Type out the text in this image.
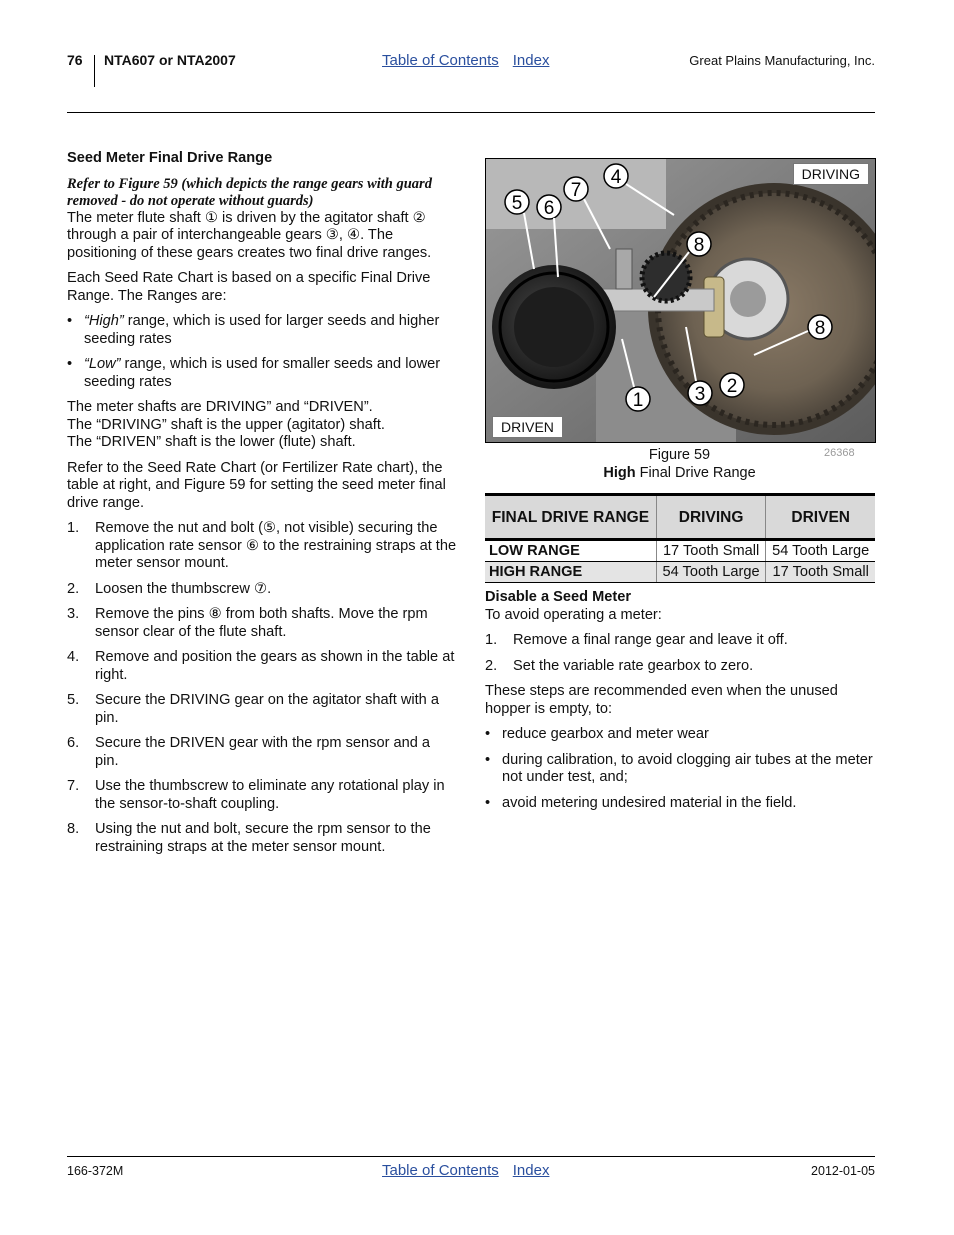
76 NTA607 or NTA2007	Table of Contents Index	Great Plains Manufacturing, Inc.
Seed Meter Final Drive Range
Refer to Figure 59 (which depicts the range gears with guard removed - do not operate without guards)
The meter flute shaft ① is driven by the agitator shaft ② through a pair of interchangeable gears ③, ④. The positioning of these gears creates two final drive ranges.
Each Seed Rate Chart is based on a specific Final Drive Range. The Ranges are:
• “High” range, which is used for larger seeds and higher seeding rates
• “Low” range, which is used for smaller seeds and lower seeding rates
The meter shafts are DRIVING” and “DRIVEN”.
The “DRIVING” shaft is the upper (agitator) shaft.
The “DRIVEN” shaft is the lower (flute) shaft.
Refer to the Seed Rate Chart (or Fertilizer Rate chart), the table at right, and Figure 59 for setting the seed meter final drive range.
1. Remove the nut and bolt (⑤, not visible) securing the application rate sensor ⑥ to the restraining straps at the meter sensor mount.
2. Loosen the thumbscrew ⑦.
3. Remove the pins ⑧ from both shafts. Move the rpm sensor clear of the flute shaft.
4. Remove and position the gears as shown in the table at right.
5. Secure the DRIVING gear on the agitator shaft with a pin.
6. Secure the DRIVEN gear with the rpm sensor and a pin.
7. Use the thumbscrew to eliminate any rotational play in the sensor-to-shaft coupling.
8. Using the nut and bolt, secure the rpm sensor to the restraining straps at the meter sensor mount.
5 6
7
4
8
8
1	3 2
DRIVING
DRIVEN
Figure 59
High Final Drive Range
26368
FINAL DRIVE RANGE	DRIVING	DRIVEN
LOW RANGE	17 Tooth Small	54 Tooth Large
HIGH RANGE	54 Tooth Large	17 Tooth Small
Disable a Seed Meter
To avoid operating a meter:
1. Remove a final range gear and leave it off.
2. Set the variable rate gearbox to zero.
These steps are recommended even when the unused hopper is empty, to:
• reduce gearbox and meter wear
• during calibration, to avoid clogging air tubes at the meter not under test, and;
• avoid metering undesired material in the field.
166-372M	Table of Contents Index	2012-01-05
